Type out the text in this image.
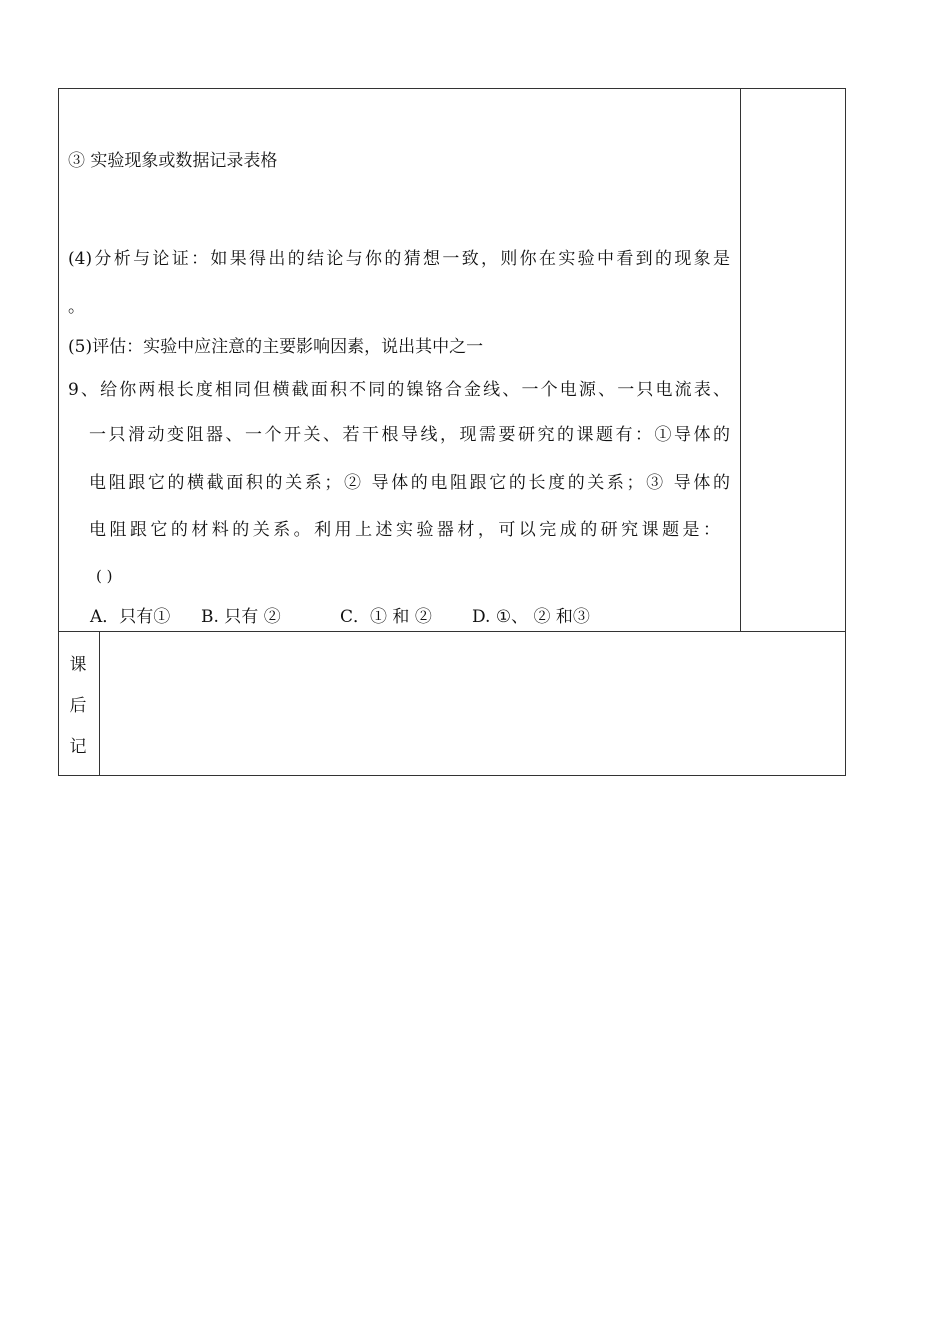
③ 实验现象或数据记录表格
(4)分析与论证：如果得出的结论与你的猜想一致，则你在实验中看到的现象是
。
(5)评估：实验中应注意的主要影响因素，说出其中之一
9、给你两根长度相同但横截面积不同的镍铬合金线、一个电源、一只电流表、
一只滑动变阻器、一个开关、若干根导线，现需要研究的课题有：①导体的
电阻跟它的横截面积的关系；② 导体的电阻跟它的长度的关系；③ 导体的
电阻跟它的材料的关系。利用上述实验器材，可以完成的研究课题是：
( )
A．只有① B. 只有 ②	C．① 和 ② D. ①、 ② 和③
课
后
记
